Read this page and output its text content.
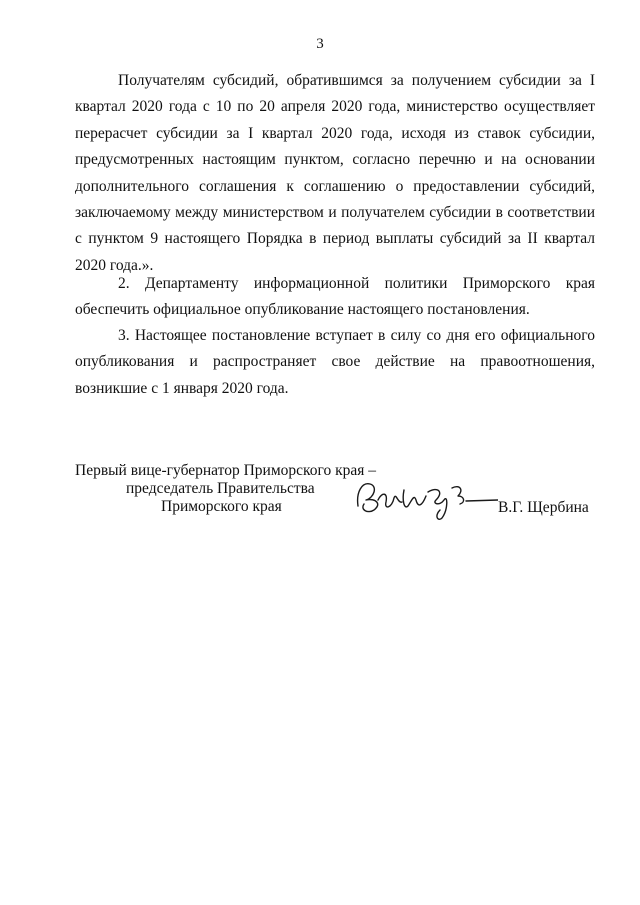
3

Получателям субсидий, обратившимся за получением субсидии за I квартал 2020 года с 10 по 20 апреля 2020 года, министерство осуществляет перерасчет субсидии за I квартал 2020 года, исходя из ставок субсидии, предусмотренных настоящим пунктом, согласно перечню и на основании дополнительного соглашения к соглашению о предоставлении субсидий, заключаемому между министерством и получателем субсидии в соответствии с пунктом 9 настоящего Порядка в период выплаты субсидий за II квартал 2020 года.».

2. Департаменту информационной политики Приморского края обеспечить официальное опубликование настоящего постановления.

3. Настоящее постановление вступает в силу со дня его официального опубликования и распространяет свое действие на правоотношения, возникшие с 1 января 2020 года.

Первый вице-губернатор Приморского края –
председатель Правительства
Приморского края	В.Г. Щербина
